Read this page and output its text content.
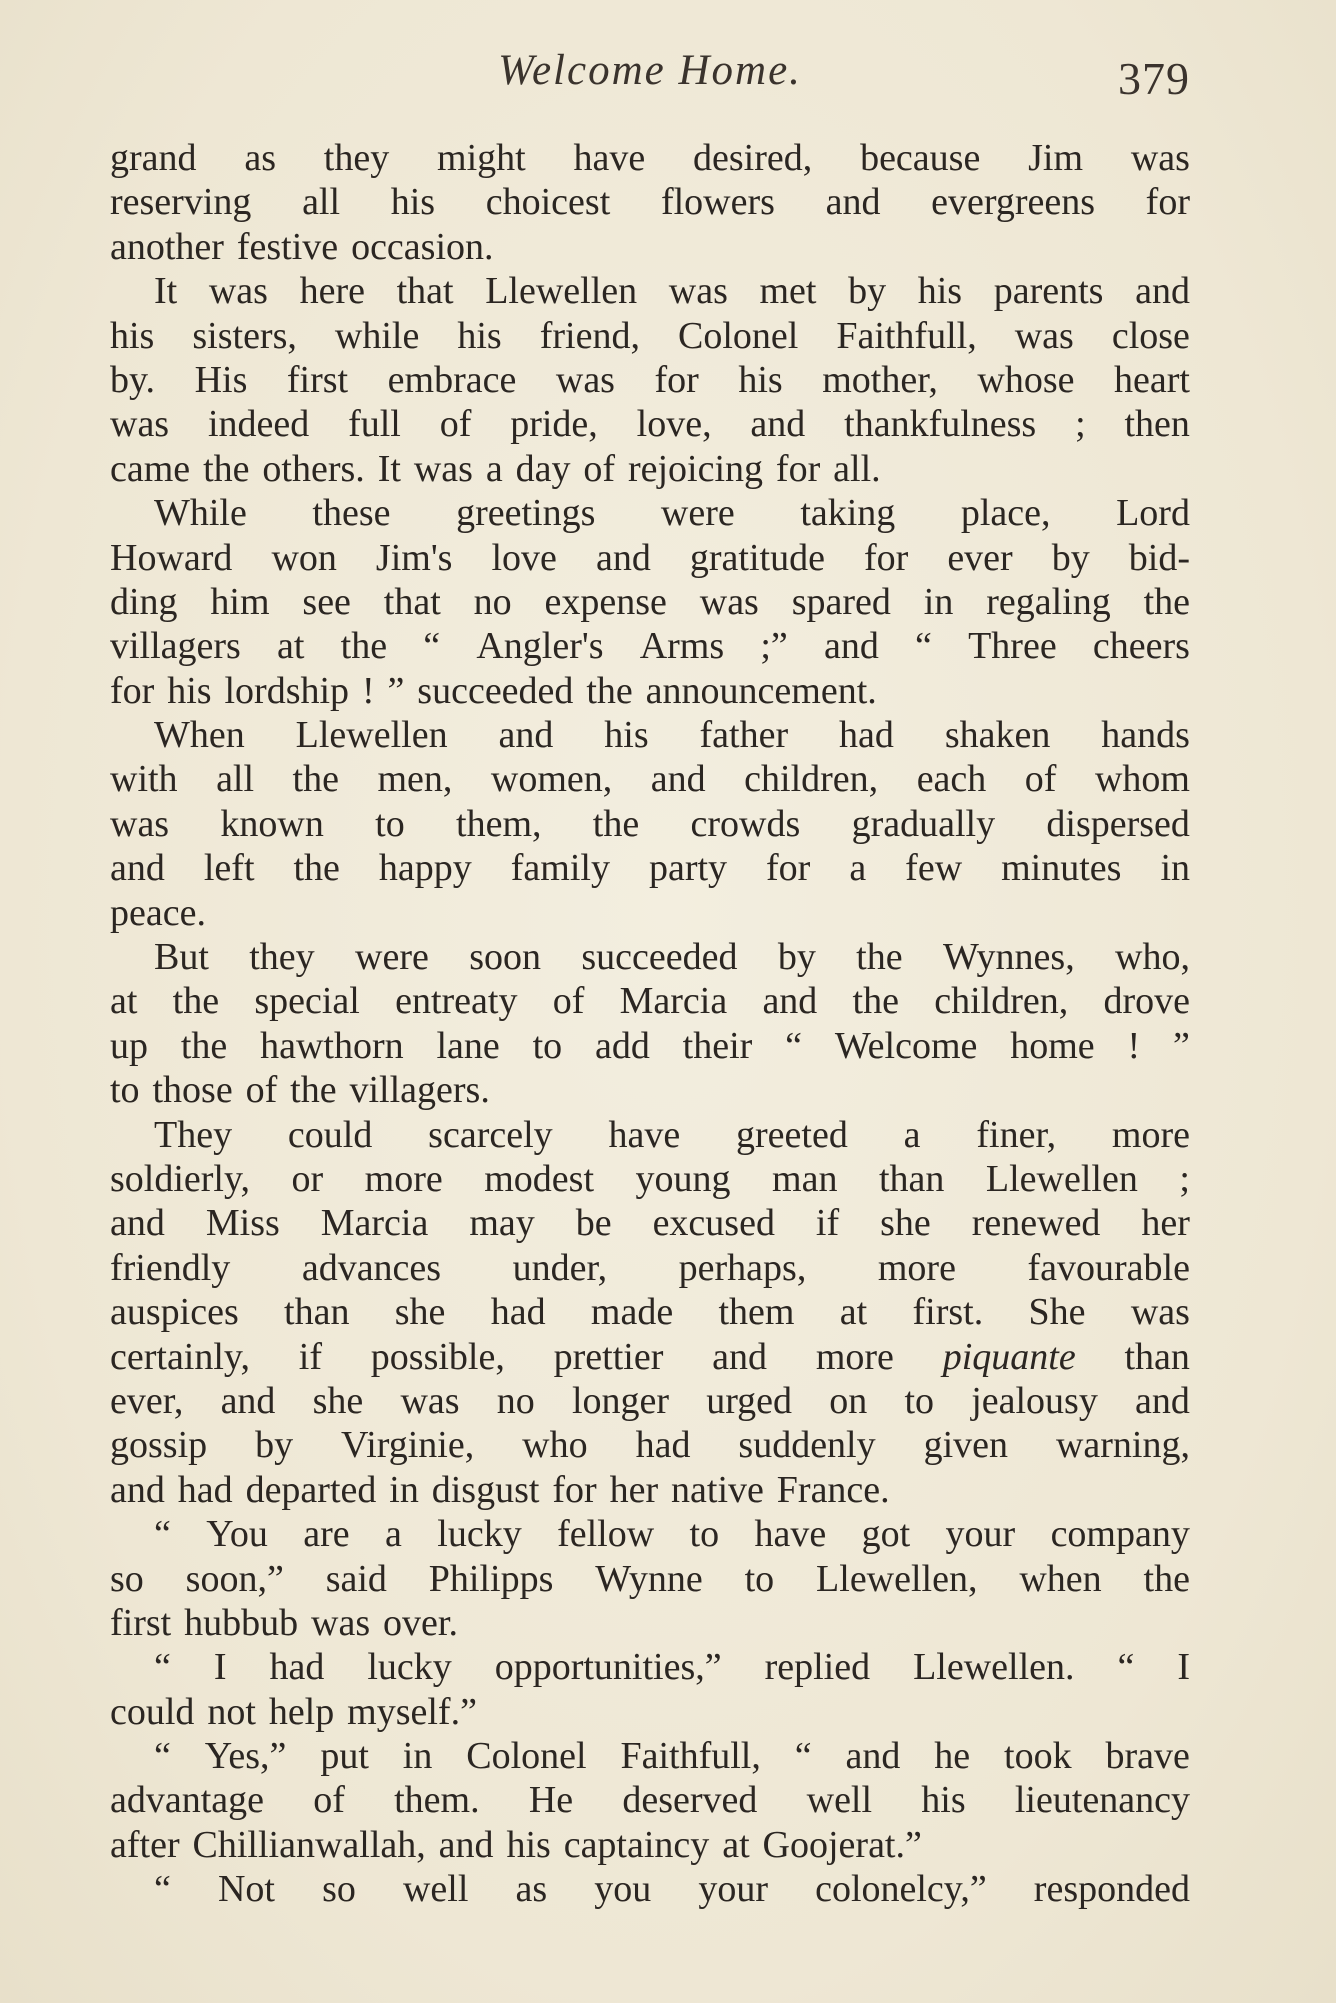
Welcome Home.	379
grand as they might have desired, because Jim was
reserving all his choicest flowers and evergreens for
another festive occasion.
It was here that Llewellen was met by his parents and
his sisters, while his friend, Colonel Faithfull, was close
by. His first embrace was for his mother, whose heart
was indeed full of pride, love, and thankfulness ; then
came the others. It was a day of rejoicing for all.
While these greetings were taking place, Lord
Howard won Jim's love and gratitude for ever by bid-
ding him see that no expense was spared in regaling the
villagers at the “ Angler's Arms ;” and “ Three cheers
for his lordship ! ” succeeded the announcement.
When Llewellen and his father had shaken hands
with all the men, women, and children, each of whom
was known to them, the crowds gradually dispersed
and left the happy family party for a few minutes in
peace.
But they were soon succeeded by the Wynnes, who,
at the special entreaty of Marcia and the children, drove
up the hawthorn lane to add their “ Welcome home ! ”
to those of the villagers.
They could scarcely have greeted a finer, more
soldierly, or more modest young man than Llewellen ;
and Miss Marcia may be excused if she renewed her
friendly advances under, perhaps, more favourable
auspices than she had made them at first. She was
certainly, if possible, prettier and more piquante than
ever, and she was no longer urged on to jealousy and
gossip by Virginie, who had suddenly given warning,
and had departed in disgust for her native France.
“ You are a lucky fellow to have got your company
so soon,” said Philipps Wynne to Llewellen, when the
first hubbub was over.
“ I had lucky opportunities,” replied Llewellen. “ I
could not help myself.”
“ Yes,” put in Colonel Faithfull, “ and he took brave
advantage of them. He deserved well his lieutenancy
after Chillianwallah, and his captaincy at Goojerat.”
“ Not so well as you your colonelcy,” responded
